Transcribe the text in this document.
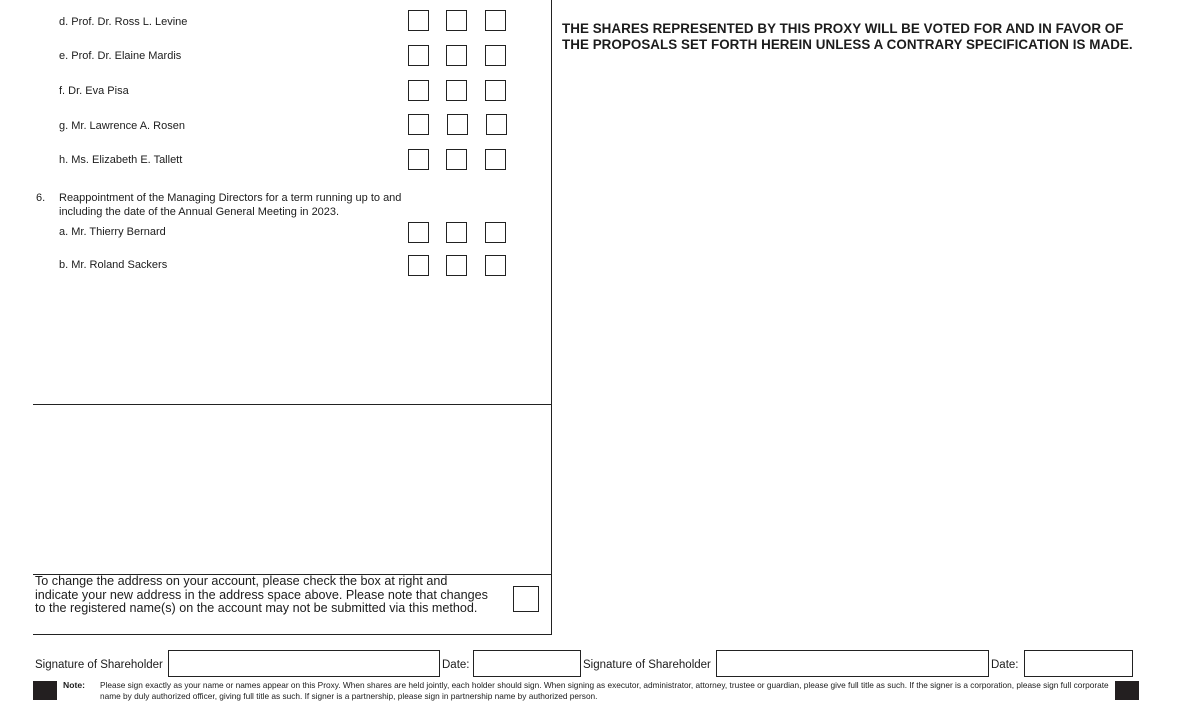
d. Prof. Dr. Ross L. Levine
e. Prof. Dr. Elaine Mardis
f. Dr. Eva Pisa
g. Mr. Lawrence A. Rosen
h. Ms. Elizabeth E. Tallett
6. Reappointment of the Managing Directors for a term running up to and
including the date of the Annual General Meeting in 2023.
a. Mr. Thierry Bernard
b. Mr. Roland Sackers
THE SHARES REPRESENTED BY THIS PROXY WILL BE VOTED FOR AND IN FAVOR OF THE PROPOSALS SET FORTH HEREIN UNLESS A CONTRARY SPECIFICATION IS MADE.
To change the address on your account, please check the box at right and indicate your new address in the address space above. Please note that changes to the registered name(s) on the account may not be submitted via this method.
Signature of Shareholder	Date:	Signature of Shareholder	Date:
Note: Please sign exactly as your name or names appear on this Proxy. When shares are held jointly, each holder should sign. When signing as executor, administrator, attorney, trustee or guardian, please give full title as such. If the signer is a corporation, please sign full corporate name by duly authorized officer, giving full title as such. If signer is a partnership, please sign in partnership name by authorized person.
